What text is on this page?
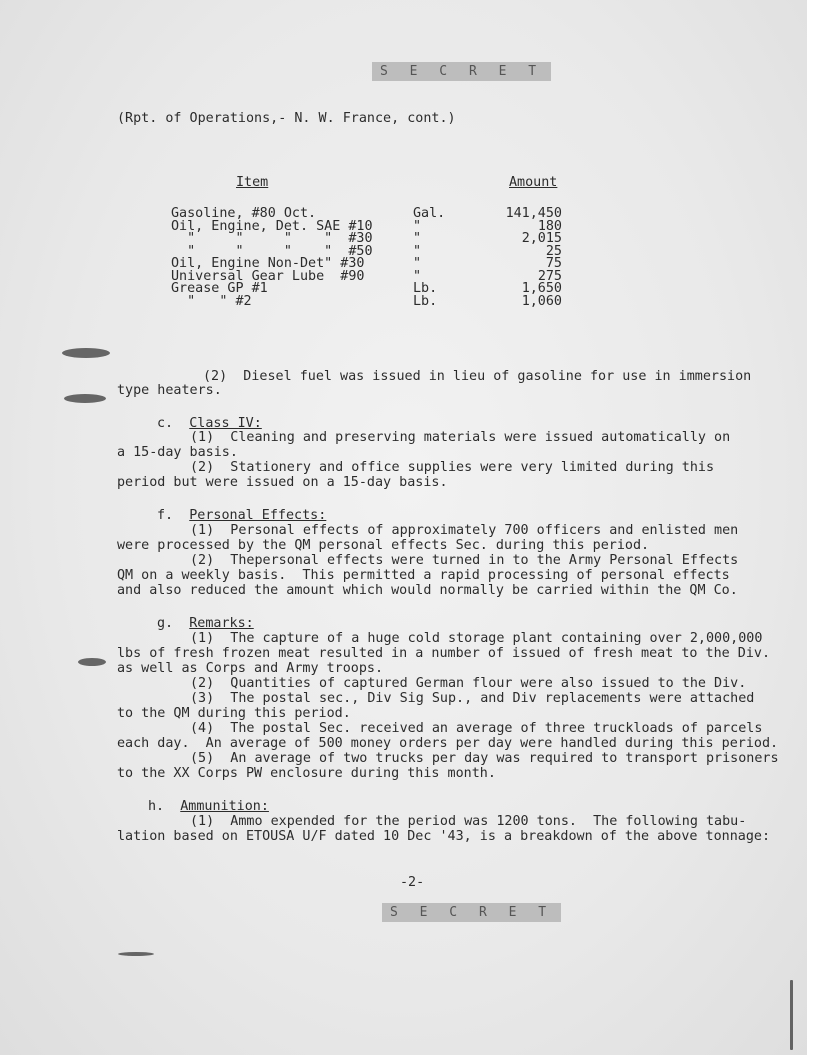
S E C R E T
(Rpt. of Operations,- N. W. France, cont.)
Item	Amount
Gasoline, #80 Oct.	Gal.	141,450
Oil, Engine, Det. SAE #10	"	180
"     "     "    "  #30	"	2,015
"     "     "    "  #50	"	25
Oil, Engine Non-Det" #30	"	75
Universal Gear Lube  #90	"	275
Grease GP #1	Lb.	1,650
"   " #2	Lb.	1,060
(2)  Diesel fuel was issued in lieu of gasoline for use in immersion
type heaters.
c.  Class IV:
(1)  Cleaning and preserving materials were issued automatically on
a 15-day basis.
(2)  Stationery and office supplies were very limited during this
period but were issued on a 15-day basis.
f.  Personal Effects:
(1)  Personal effects of approximately 700 officers and enlisted men
were processed by the QM personal effects Sec. during this period.
(2)  Thepersonal effects were turned in to the Army Personal Effects
QM on a weekly basis.  This permitted a rapid processing of personal effects
and also reduced the amount which would normally be carried within the QM Co.
g.  Remarks:
(1)  The capture of a huge cold storage plant containing over 2,000,000
lbs of fresh frozen meat resulted in a number of issued of fresh meat to the Div.
as well as Corps and Army troops.
(2)  Quantities of captured German flour were also issued to the Div.
(3)  The postal sec., Div Sig Sup., and Div replacements were attached
to the QM during this period.
(4)  The postal Sec. received an average of three truckloads of parcels
each day.  An average of 500 money orders per day were handled during this period.
(5)  An average of two trucks per day was required to transport prisoners
to the XX Corps PW enclosure during this month.
h.  Ammunition:
(1)  Ammo expended for the period was 1200 tons.  The following tabu-
lation based on ETOUSA U/F dated 10 Dec '43, is a breakdown of the above tonnage:
-2-
S E C R E T
